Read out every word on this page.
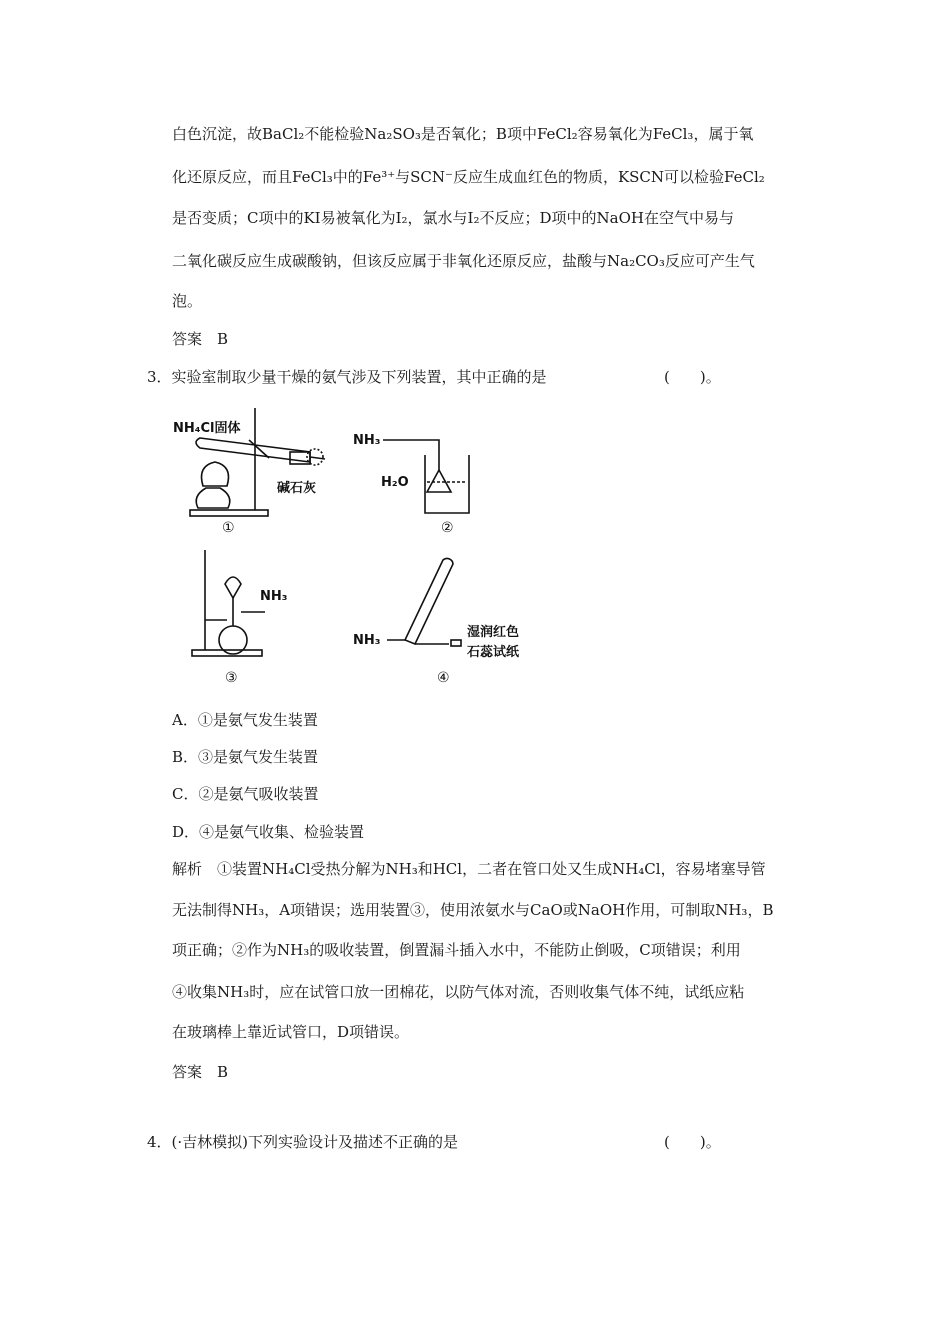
白色沉淀，故BaCl₂不能检验Na₂SO₃是否氧化；B项中FeCl₂容易氧化为FeCl₃，属于氧
化还原反应，而且FeCl₃中的Fe³⁺与SCN⁻反应生成血红色的物质，KSCN可以检验FeCl₂
是否变质；C项中的KI易被氧化为I₂，氯水与I₂不反应；D项中的NaOH在空气中易与
二氧化碳反应生成碳酸钠，但该反应属于非氧化还原反应，盐酸与Na₂CO₃反应可产生气
泡。
答案　B
3．实验室制取少量干燥的氨气涉及下列装置，其中正确的是	(　　)。
NH₄Cl固体
碱石灰
①
NH₃
H₂O
②
NH₃
③
NH₃
湿润红色
石蕊试纸
④
A．①是氨气发生装置
B．③是氨气发生装置
C．②是氨气吸收装置
D．④是氨气收集、检验装置
解析　①装置NH₄Cl受热分解为NH₃和HCl，二者在管口处又生成NH₄Cl，容易堵塞导管
无法制得NH₃，A项错误；选用装置③，使用浓氨水与CaO或NaOH作用，可制取NH₃，B
项正确；②作为NH₃的吸收装置，倒置漏斗插入水中，不能防止倒吸，C项错误；利用
④收集NH₃时，应在试管口放一团棉花，以防气体对流，否则收集气体不纯，试纸应粘
在玻璃棒上靠近试管口，D项错误。
答案　B
4．(·吉林模拟)下列实验设计及描述不正确的是	(　　)。
